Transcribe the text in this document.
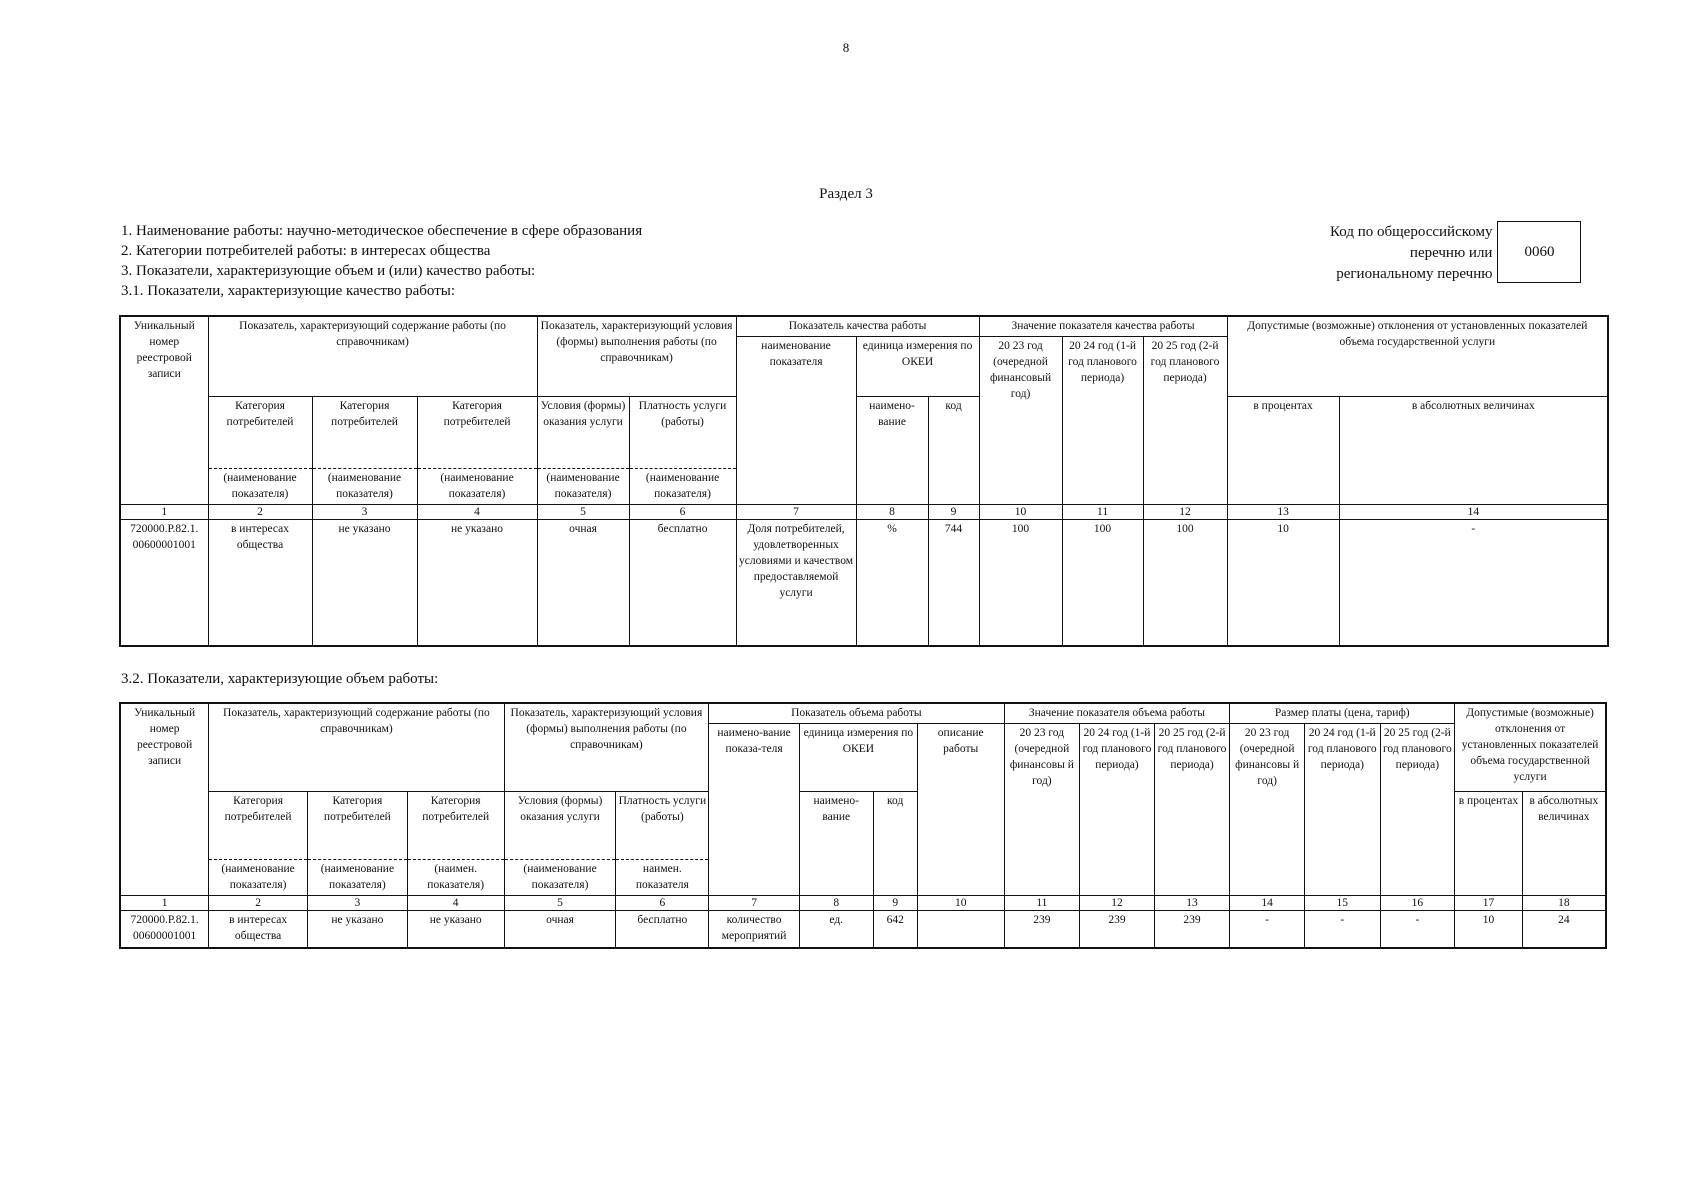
8
Раздел 3
1. Наименование работы: научно-методическое обеспечение в сфере образования
2. Категории потребителей работы: в интересах общества
3. Показатели, характеризующие объем и (или) качество работы:
3.1. Показатели, характеризующие качество работы:
Код по общероссийскому
перечню или
региональному перечню
0060
Уникальный номер реестровой записи	Показатель, характеризующий содержание работы (по справочникам)			Показатель, характеризующий условия (формы) выполнения работы (по справочникам)		Показатель качества работы			Значение показателя качества работы			Допустимые (возможные) отклонения от установленных показателей объема государственной услуги	
						наименование показателя	единица измерения по ОКЕИ		20 23 год (очередной финансовый год)	20 24 год (1-й год планового периода)	20 25 год (2-й год планового периода)		
	Категория потребителей	Категория потребителей	Категория потребителей	Условия (формы) оказания услуги	Платность услуги (работы)		наимено-вание	код				в процентах	в абсолютных величинах
	(наименование показателя)	(наименование показателя)	(наименование показателя)	(наименование показателя)	(наименование показателя)								
1	2	3	4	5	6	7	8	9	10	11	12	13	14
720000.Р.82.1. 00600001001	в интересах общества	не указано	не указано	очная	бесплатно	Доля потребителей, удовлетворенных условиями и качеством предоставляемой услуги	%	744	100	100	100	10	-
3.2. Показатели, характеризующие объем работы:
Уникальный номер реестровой записи	Показатель, характеризующий содержание работы (по справочникам)			Показатель, характеризующий условия (формы) выполнения работы (по справочникам)		Показатель объема работы				Значение показателя объема работы			Размер платы (цена, тариф)			Допустимые (возможные) отклонения от установленных показателей объема государственной услуги	
						наимено-вание показа-теля	единица измерения по ОКЕИ		описание работы	20 23 год (очередной финансовы й год)	20 24 год (1-й год планового периода)	20 25 год (2-й год планового периода)	20 23 год (очередной финансовы й год)	20 24 год (1-й год планового периода)	20 25 год (2-й год планового периода)		
	Категория потребителей	Категория потребителей	Категория потребителей	Условия (формы) оказания услуги	Платность услуги (работы)		наимено-вание	код								в процентах	в абсолютных величинах
	(наименование показателя)	(наименование показателя)	(наимен. показателя)	(наименование показателя)	наимен. показателя												
1	2	3	4	5	6	7	8	9	10	11	12	13	14	15	16	17	18
720000.Р.82.1. 00600001001	в интересах общества	не указано	не указано	очная	бесплатно	количество мероприятий	ед.	642		239	239	239	-	-	-	10	24
